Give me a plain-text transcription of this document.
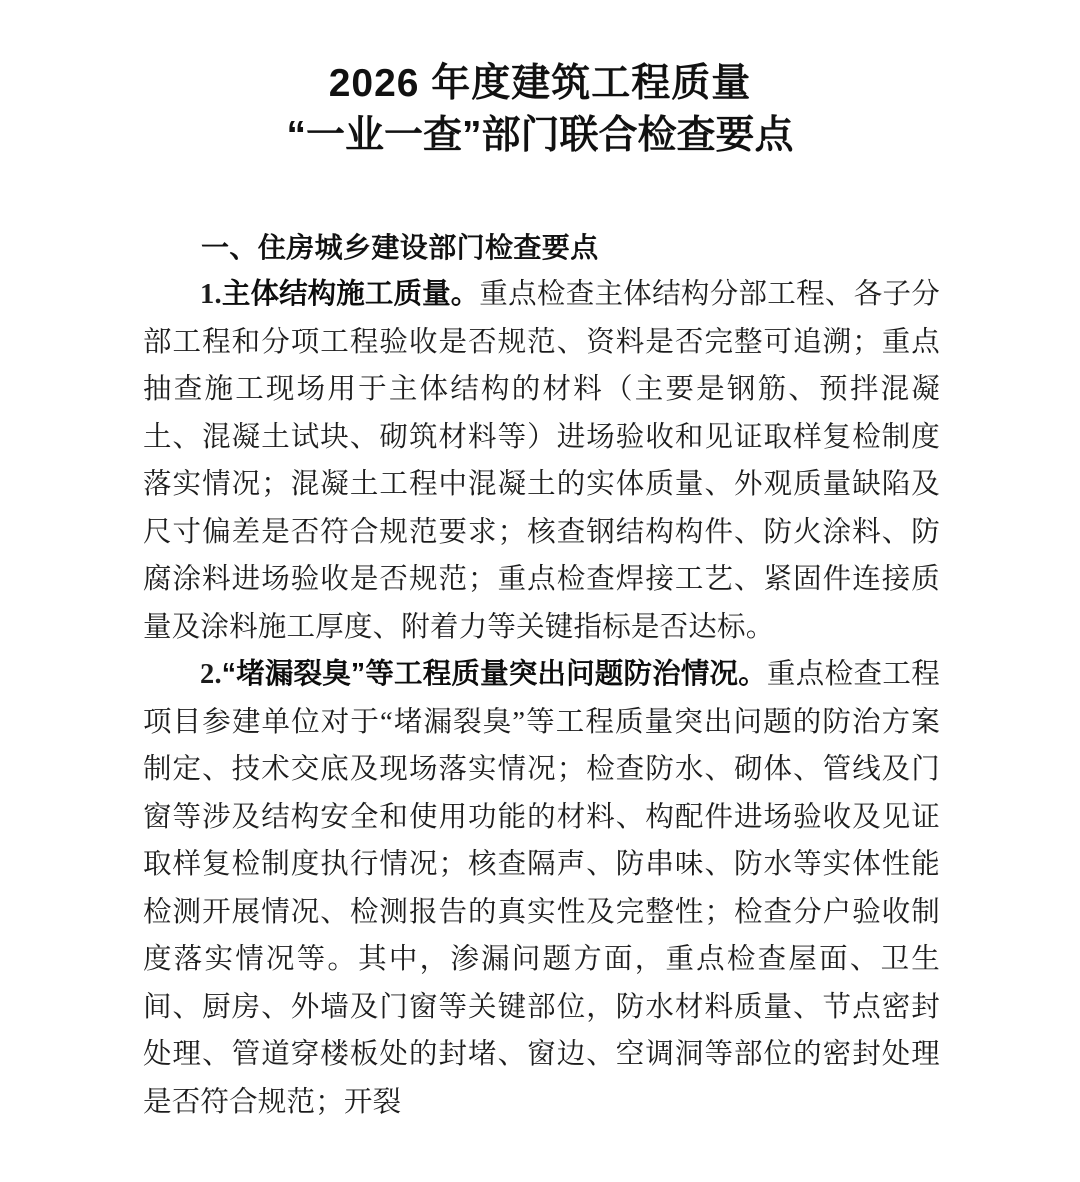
2026 年度建筑工程质量
“一业一查”部门联合检查要点
一、住房城乡建设部门检查要点

1.主体结构施工质量。重点检查主体结构分部工程、各子分部工程和分项工程验收是否规范、资料是否完整可追溯；重点抽查施工现场用于主体结构的材料（主要是钢筋、预拌混凝土、混凝土试块、砌筑材料等）进场验收和见证取样复检制度落实情况；混凝土工程中混凝土的实体质量、外观质量缺陷及尺寸偏差是否符合规范要求；核查钢结构构件、防火涂料、防腐涂料进场验收是否规范；重点检查焊接工艺、紧固件连接质量及涂料施工厚度、附着力等关键指标是否达标。

2.“堵漏裂臭”等工程质量突出问题防治情况。重点检查工程项目参建单位对于“堵漏裂臭”等工程质量突出问题的防治方案制定、技术交底及现场落实情况；检查防水、砌体、管线及门窗等涉及结构安全和使用功能的材料、构配件进场验收及见证取样复检制度执行情况；核查隔声、防串味、防水等实体性能检测开展情况、检测报告的真实性及完整性；检查分户验收制度落实情况等。其中，渗漏问题方面，重点检查屋面、卫生间、厨房、外墙及门窗等关键部位，防水材料质量、节点密封处理、管道穿楼板处的封堵、窗边、空调洞等部位的密封处理是否符合规范；开裂
